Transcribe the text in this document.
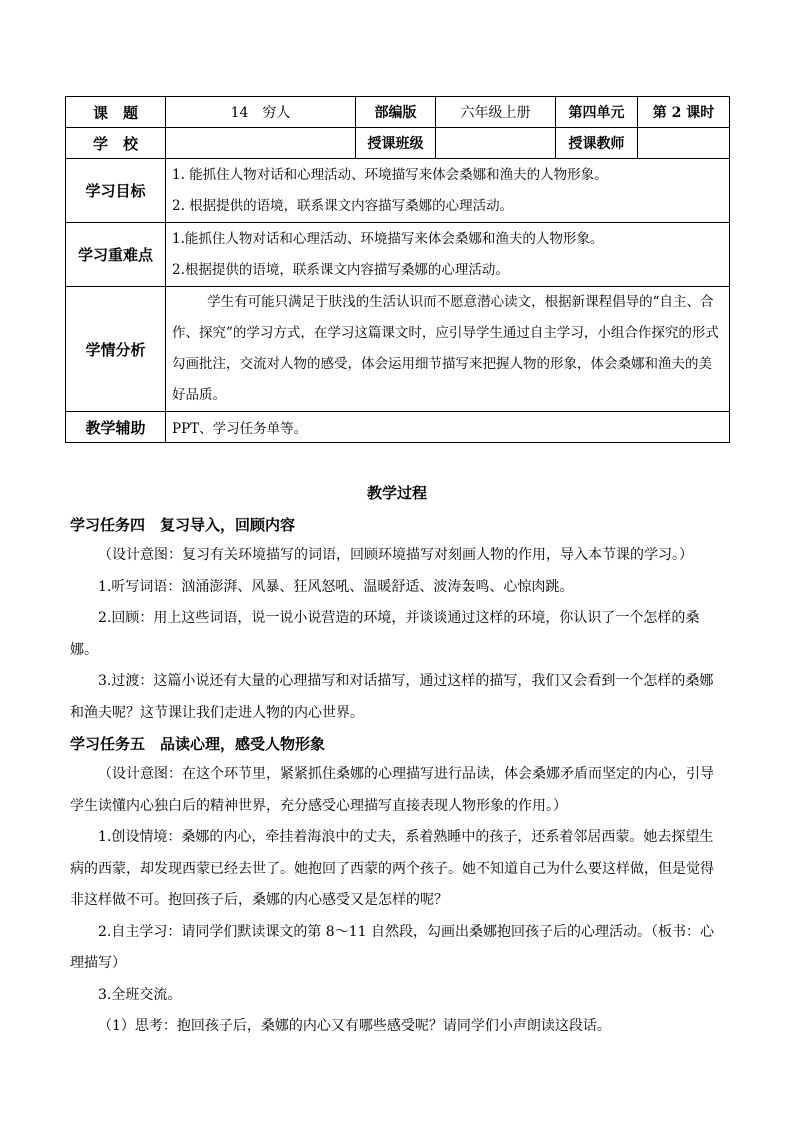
课　题	14　穷人	部编版	六年级上册	第四单元	第 2 课时
学　校		授课班级		授课教师	
学习目标	1. 能抓住人物对话和心理活动、环境描写来体会桑娜和渔夫的人物形象。

2. 根据提供的语境，联系课文内容描写桑娜的心理活动。				

学习重难点	1.能抓住人物对话和心理活动、环境描写来体会桑娜和渔夫的人物形象。

2.根据提供的语境，联系课文内容描写桑娜的心理活动。				

学情分析	学生有可能只满足于肤浅的生活认识而不愿意潜心读文，根据新课程倡导的“自主、合作、探究”的学习方式，在学习这篇课文时，应引导学生通过自主学习，小组合作探究的形式勾画批注，交流对人物的感受，体会运用细节描写来把握人物的形象，体会桑娜和渔夫的美好品质。				

教学辅助	PPT、学习任务单等。				
教学过程

学习任务四　复习导入，回顾内容

（设计意图：复习有关环境描写的词语，回顾环境描写对刻画人物的作用，导入本节课的学习。）

1.听写词语：汹涌澎湃、风暴、狂风怒吼、温暖舒适、波涛轰鸣、心惊肉跳。

2.回顾：用上这些词语，说一说小说营造的环境，并谈谈通过这样的环境，你认识了一个怎样的桑娜。

3.过渡：这篇小说还有大量的心理描写和对话描写，通过这样的描写，我们又会看到一个怎样的桑娜和渔夫呢？这节课让我们走进人物的内心世界。

学习任务五　品读心理，感受人物形象

（设计意图：在这个环节里，紧紧抓住桑娜的心理描写进行品读，体会桑娜矛盾而坚定的内心，引导学生读懂内心独白后的精神世界，充分感受心理描写直接表现人物形象的作用。）

1.创设情境：桑娜的内心，牵挂着海浪中的丈夫，系着熟睡中的孩子，还系着邻居西蒙。她去探望生病的西蒙，却发现西蒙已经去世了。她抱回了西蒙的两个孩子。她不知道自己为什么要这样做，但是觉得非这样做不可。抱回孩子后，桑娜的内心感受又是怎样的呢？

2.自主学习：请同学们默读课文的第 8～11 自然段，勾画出桑娜抱回孩子后的心理活动。（板书：心理描写）

3.全班交流。

（1）思考：抱回孩子后，桑娜的内心又有哪些感受呢？请同学们小声朗读这段话。
